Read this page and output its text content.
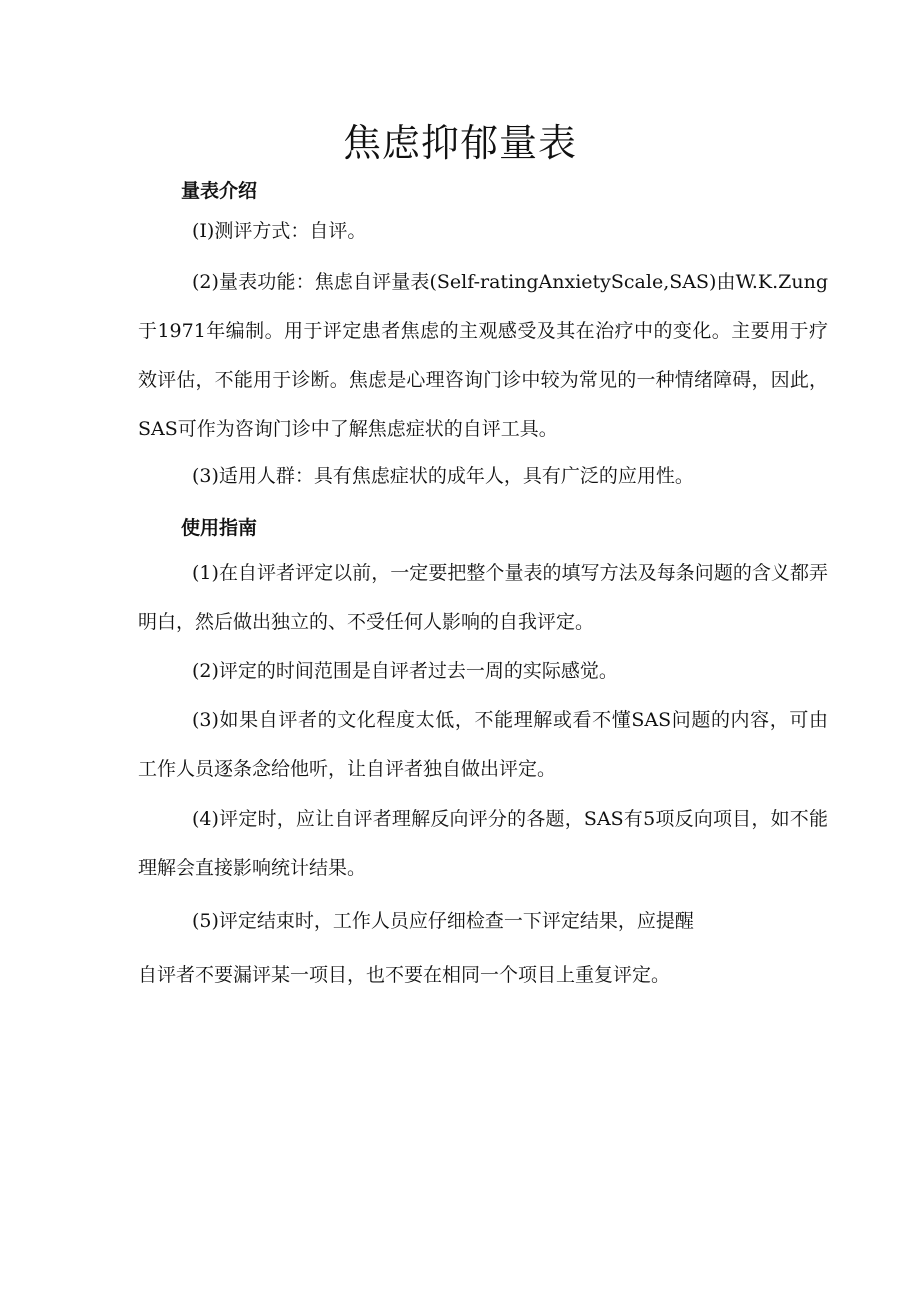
焦虑抑郁量表
量表介绍

(I)测评方式：自评。

(2)量表功能：焦虑自评量表(Self-ratingAnxietyScale,SAS)由W.K.Zung于1971年编制。用于评定患者焦虑的主观感受及其在治疗中的变化。主要用于疗效评估，不能用于诊断。焦虑是心理咨询门诊中较为常见的一种情绪障碍，因此，SAS可作为咨询门诊中了解焦虑症状的自评工具。

(3)适用人群：具有焦虑症状的成年人，具有广泛的应用性。

使用指南

(1)在自评者评定以前，一定要把整个量表的填写方法及每条问题的含义都弄明白，然后做出独立的、不受任何人影响的自我评定。

(2)评定的时间范围是自评者过去一周的实际感觉。

(3)如果自评者的文化程度太低，不能理解或看不懂SAS问题的内容，可由工作人员逐条念给他听，让自评者独自做出评定。

(4)评定时，应让自评者理解反向评分的各题，SAS有5项反向项目，如不能理解会直接影响统计结果。

(5)评定结束时，工作人员应仔细检查一下评定结果，应提醒

自评者不要漏评某一项目，也不要在相同一个项目上重复评定。
